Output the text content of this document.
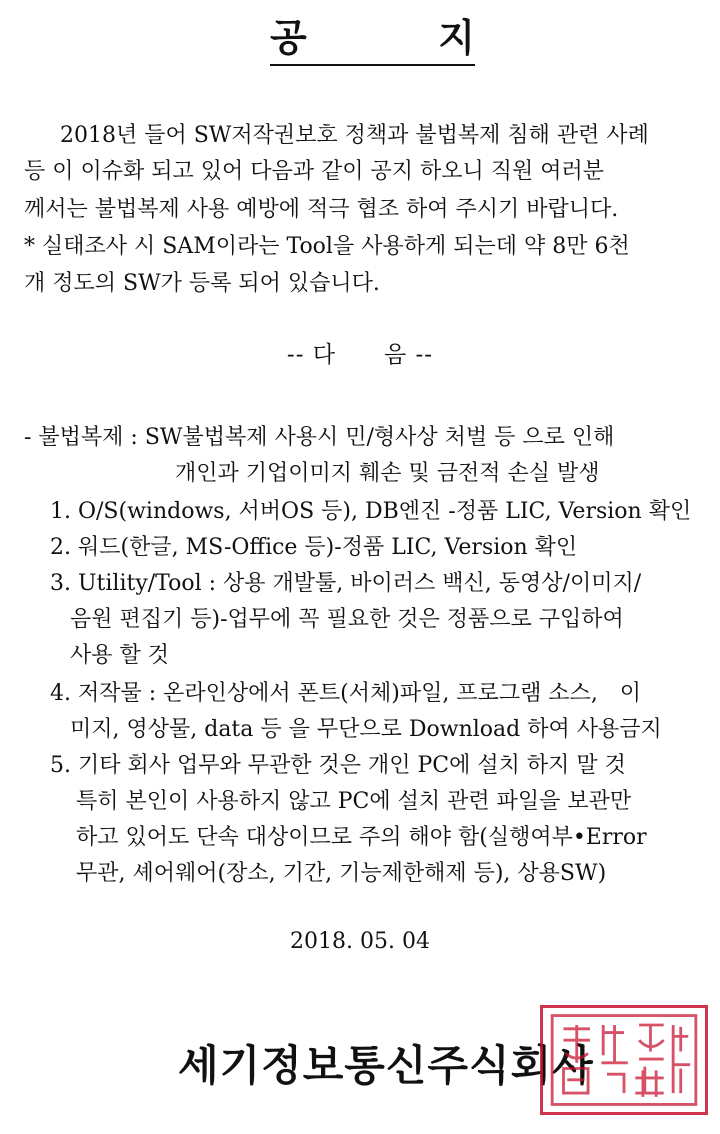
공	지
2018년 들어 SW저작권보호 정책과 불법복제 침해 관련 사례
등 이 이슈화 되고 있어 다음과 같이 공지 하오니 직원 여러분
께서는 불법복제 사용 예방에 적극 협조 하여 주시기 바랍니다.
* 실태조사 시 SAM이라는 Tool을 사용하게 되는데 약 8만 6천
개 정도의 SW가 등록 되어 있습니다.
-- 다　　음 --
- 불법복제 : SW불법복제 사용시 민/형사상 처벌 등 으로 인해
개인과 기업이미지 훼손 및 금전적 손실 발생
1. O/S(windows, 서버OS 등), DB엔진 -정품 LIC, Version 확인
2. 워드(한글, MS-Office 등)-정품 LIC, Version 확인
3. Utility/Tool : 상용 개발툴, 바이러스 백신, 동영상/이미지/
음원 편집기 등)-업무에 꼭 필요한 것은 정품으로 구입하여
사용 할 것
4. 저작물 : 온라인상에서 폰트(서체)파일, 프로그램 소스,　이
미지, 영상물, data 등 을 무단으로 Download 하여 사용금지
5. 기타 회사 업무와 무관한 것은 개인 PC에 설치 하지 말 것
특히 본인이 사용하지 않고 PC에 설치 관련 파일을 보관만
하고 있어도 단속 대상이므로 주의 해야 함(실행여부•Error
무관, 셰어웨어(장소, 기간, 기능제한해제 등), 상용SW)
2018. 05. 04
세기정보통신주식회사
